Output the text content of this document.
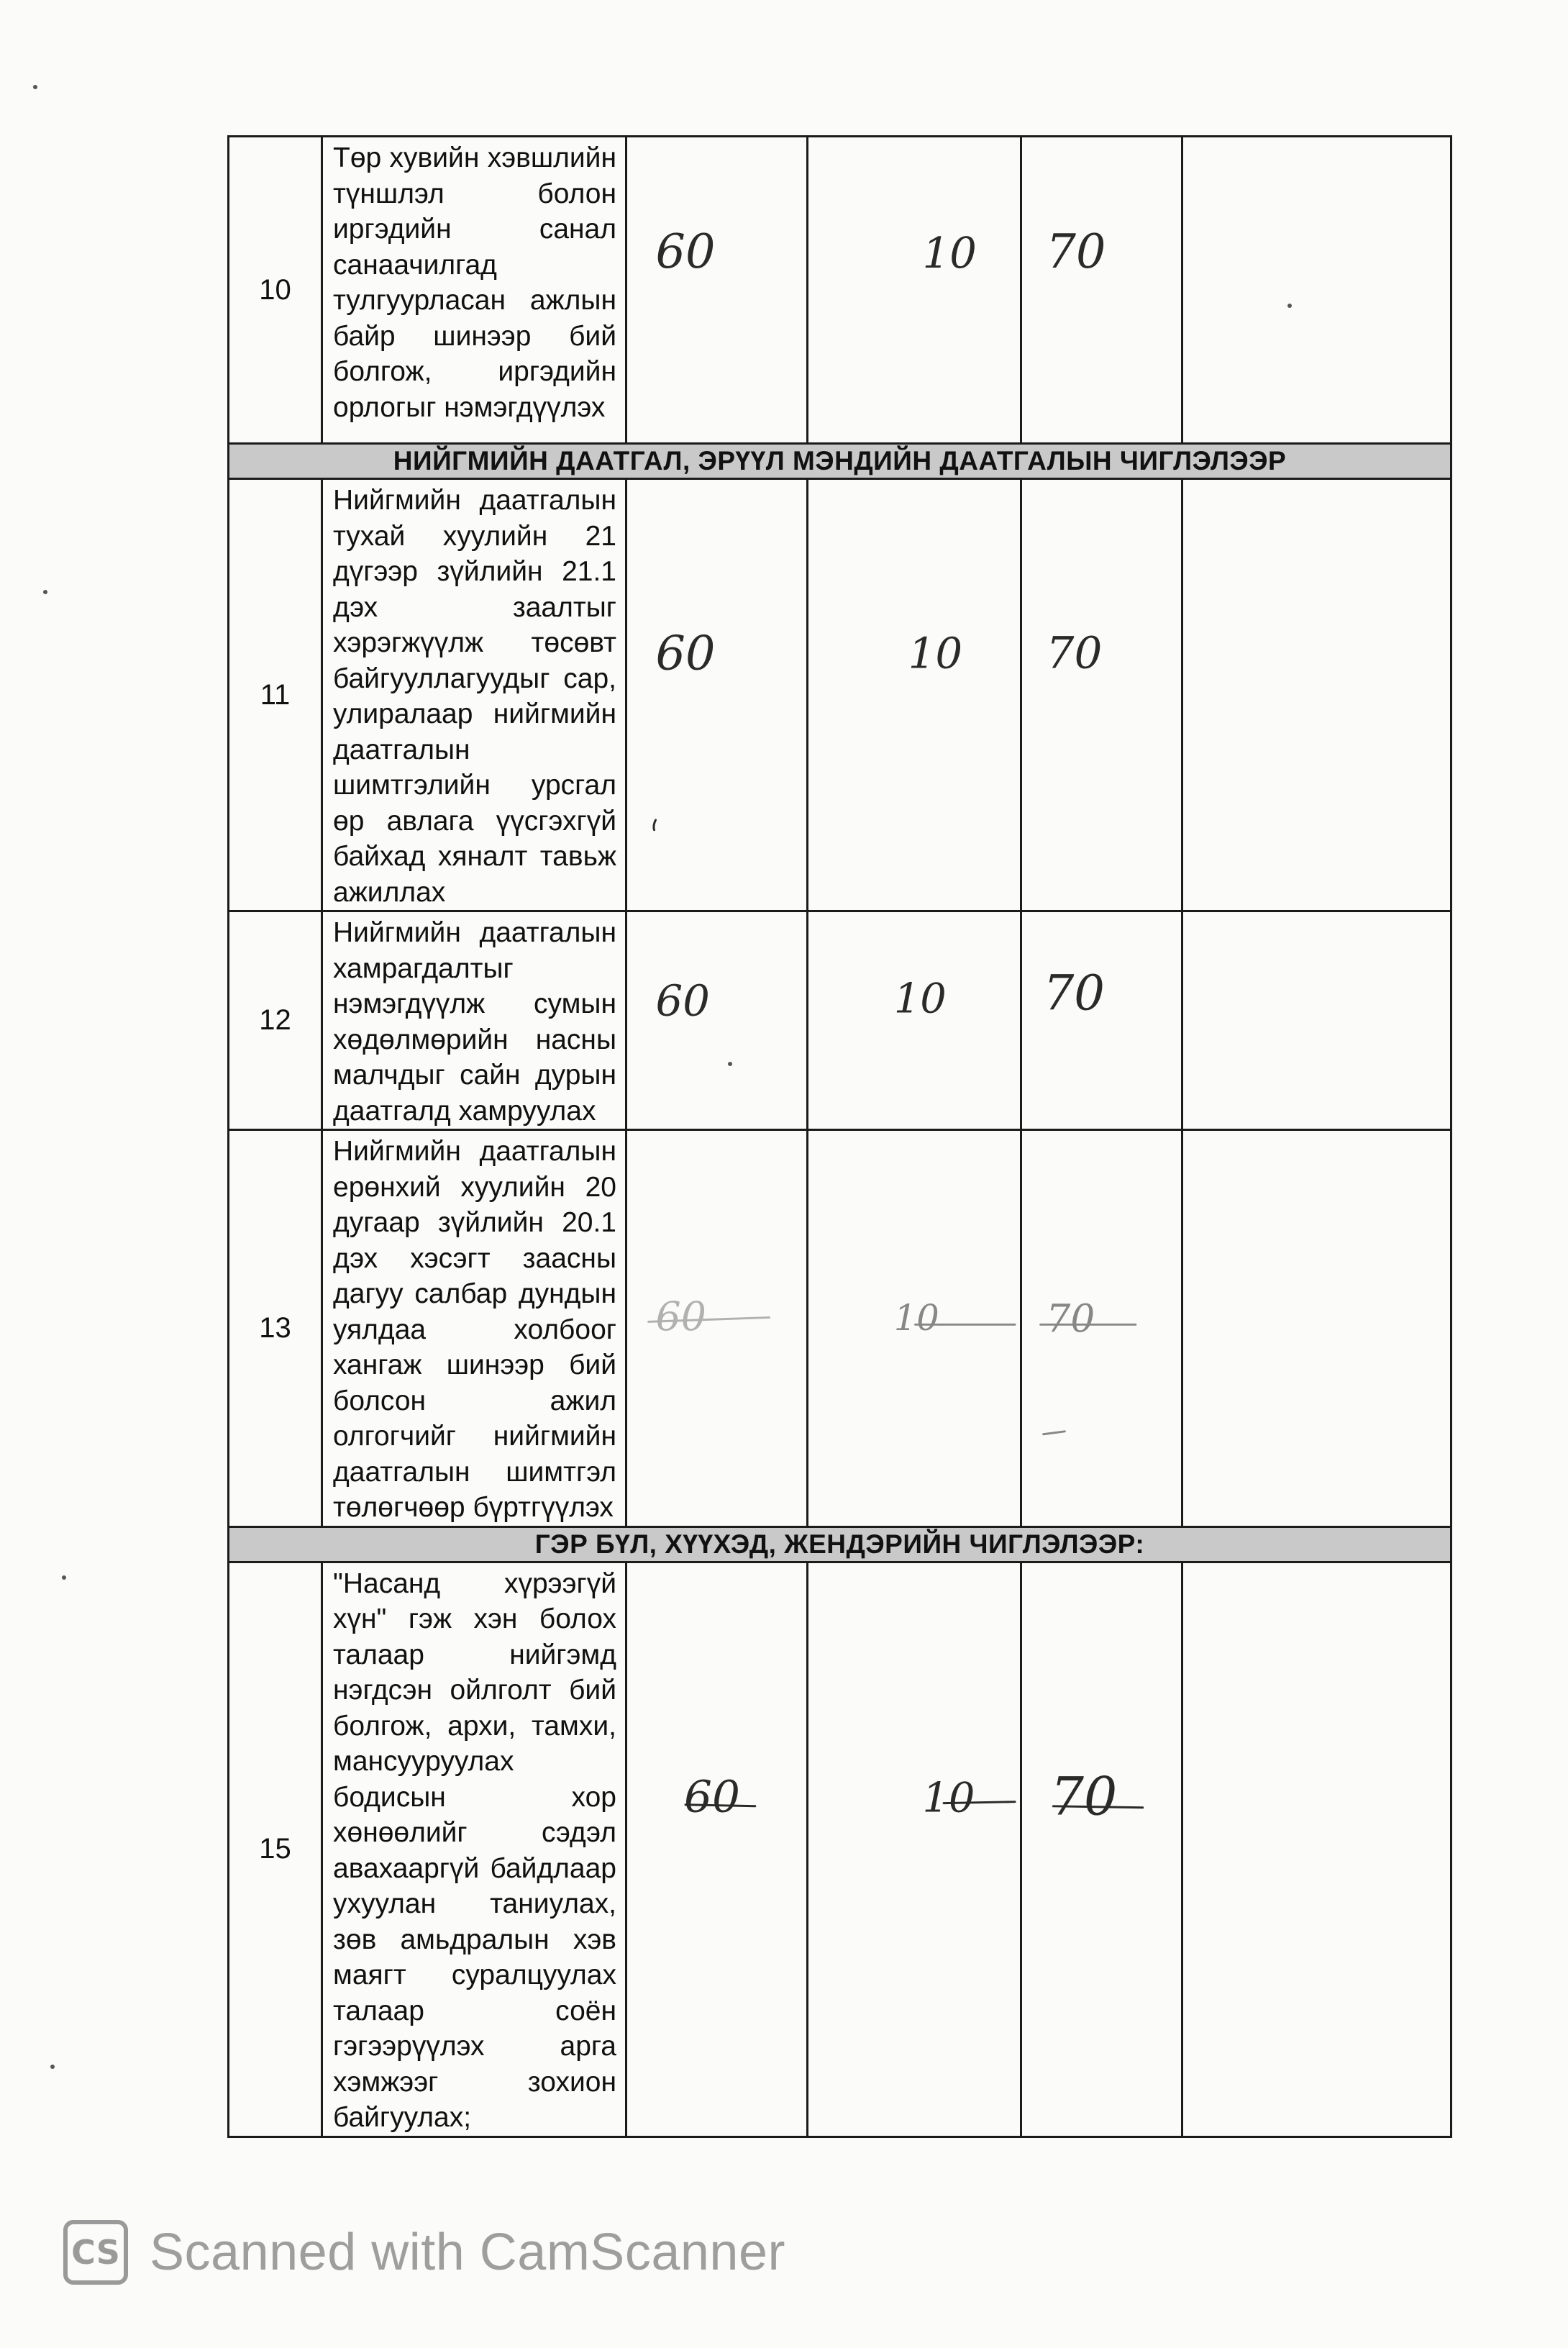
10	Төр хувийн хэвшлийн түншлэл болон иргэдийн санал санаачилгад тулгуурласан ажлын байр шинээр бий болгож, иргэдийн орлогыг нэмэгдүүлэх	60	10	70	

НИЙГМИЙН ДААТГАЛ, ЭРҮҮЛ МЭНДИЙН ДААТГАЛЫН ЧИГЛЭЛЭЭР					
11	Нийгмийн даатгалын тухай хуулийн 21 дүгээр зүйлийн 21.1 дэх заалтыг хэрэгжүүлж төсөвт байгууллагуудыг сар, улиралаар нийгмийн даатгалын шимтгэлийн урсгал өр авлага үүсгэхгүй байхад хяналт тавьж ажиллах	60	10	70	

12	Нийгмийн даатгалын хамрагдалтыг нэмэгдүүлж сумын хөдөлмөрийн насны малчдыг сайн дурын даатгалд хамруулах	60	10	70	

13	Нийгмийн даатгалын ерөнхий хуулийн 20 дугаар зүйлийн 20.1 дэх хэсэгт заасны дагуу салбар дундын уялдаа холбоог хангаж шинээр бий болсон ажил олгогчийг нийгмийн даатгалын шимтгэл төлөгчөөр бүртгүүлэх	60	10	70	

ГЭР БҮЛ, ХҮҮХЭД, ЖЕНДЭРИЙН ЧИГЛЭЛЭЭР:					
15	"Насанд хүрээгүй хүн" гэж хэн болох талаар нийгэмд нэгдсэн ойлголт бий болгож, архи, тамхи, мансууруулах бодисын хор хөнөөлийг сэдэл авахааргүй байдлаар ухуулан таниулах, зөв амьдралын хэв маягт суралцуулах талаар соён гэгээрүүлэх арга хэмжээг зохион байгуулах;	60	10	70	

CS Scanned with CamScanner
